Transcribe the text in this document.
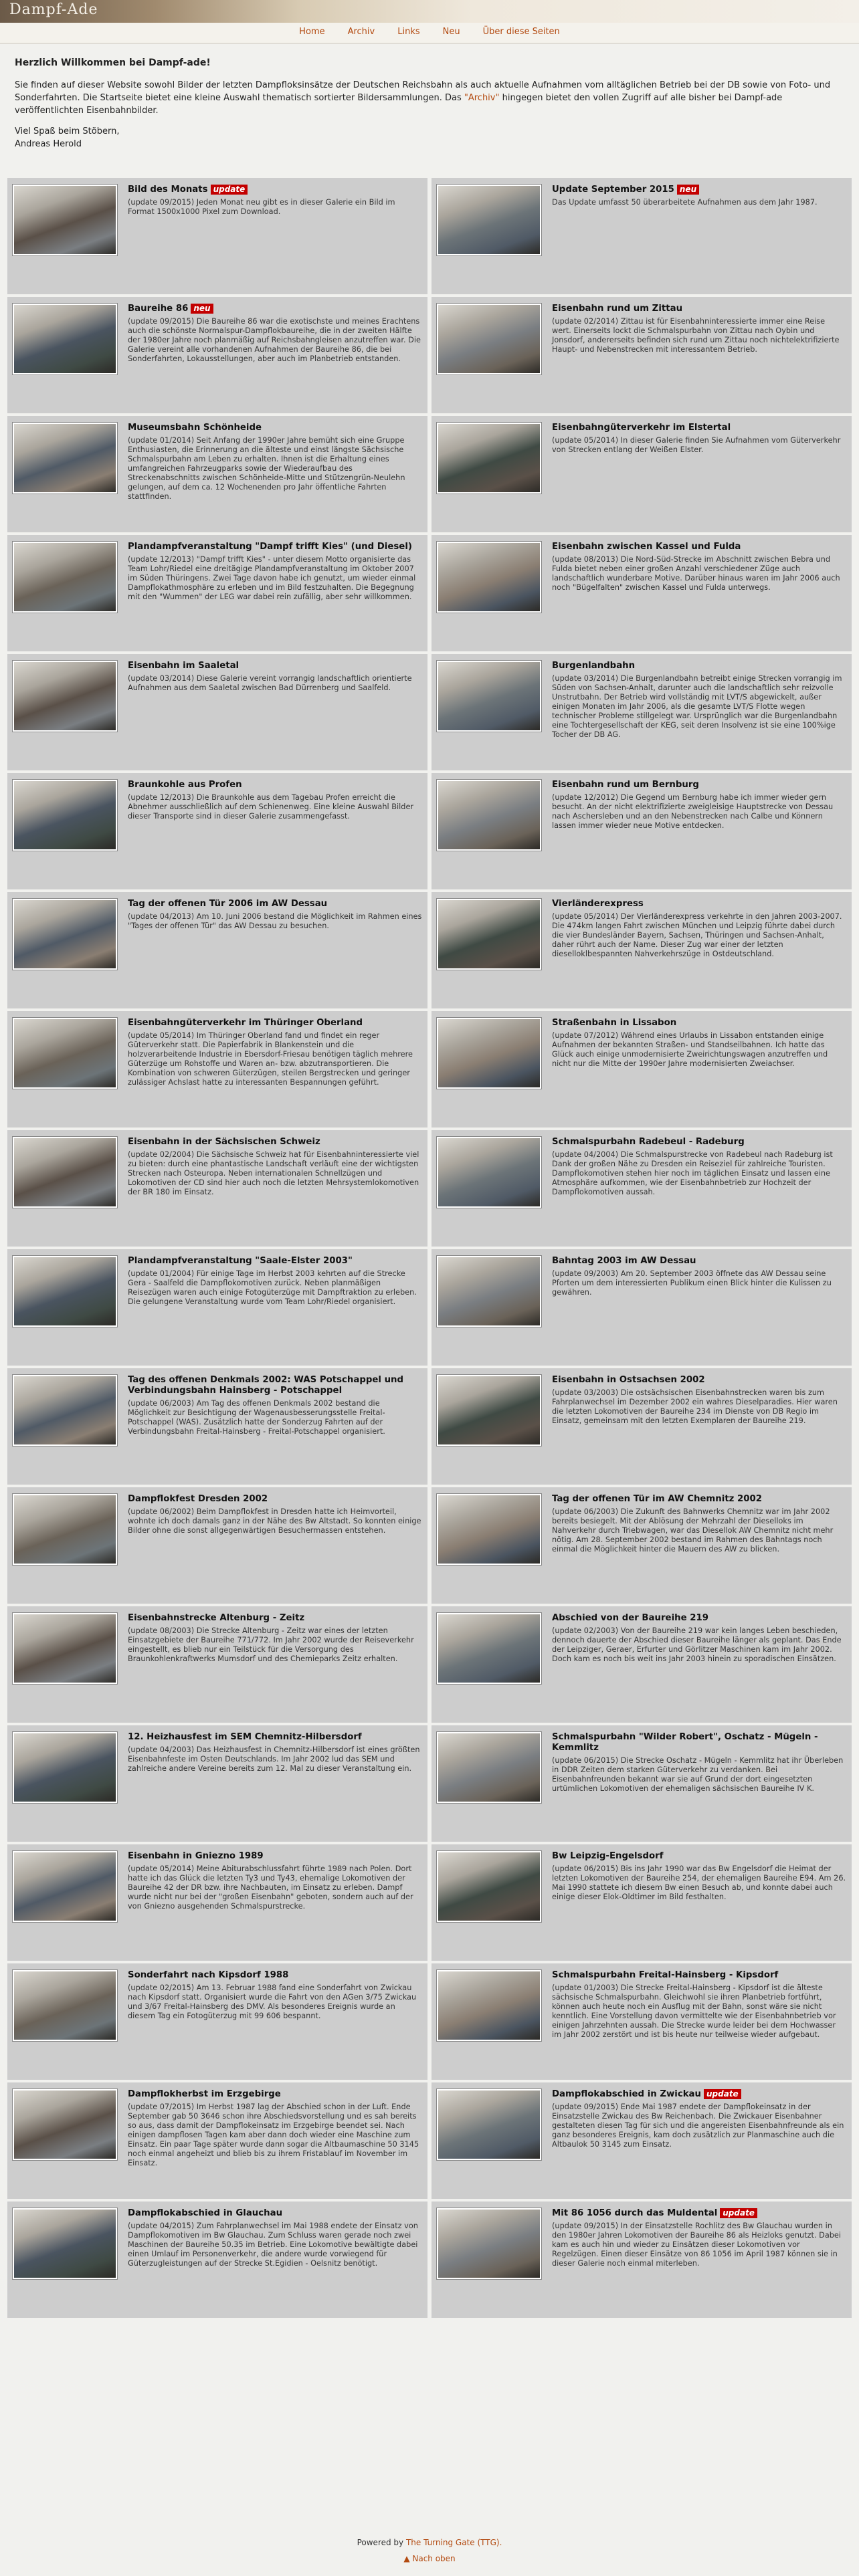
Dampf-Ade
Home	Archiv	Links	Neu	Über diese Seiten
Herzlich Willkommen bei Dampf-ade!

Sie finden auf dieser Website sowohl Bilder der letzten Dampfloksinsätze der Deutschen Reichsbahn als auch aktuelle Aufnahmen vom alltäglichen Betrieb bei der DB sowie von Foto- und Sonderfahrten. Die Startseite bietet eine kleine Auswahl thematisch sortierter Bildersammlungen. Das "Archiv" hingegen bietet den vollen Zugriff auf alle bisher bei Dampf-ade veröffentlichten Eisenbahnbilder.

Viel Spaß beim Stöbern,
Andreas Herold

Bild des Monats update
(update 09/2015) Jeden Monat neu gibt es in dieser Galerie ein Bild im Format 1500x1000 Pixel zum Download.
Update September 2015 neu
Das Update umfasst 50 überarbeitete Aufnahmen aus dem Jahr 1987.
Baureihe 86 neu
(update 09/2015) Die Baureihe 86 war die exotischste und meines Erachtens auch die schönste Normalspur-Dampflokbaureihe, die in der zweiten Hälfte der 1980er Jahre noch planmäßig auf Reichsbahngleisen anzutreffen war. Die Galerie vereint alle vorhandenen Aufnahmen der Baureihe 86, die bei Sonderfahrten, Lokausstellungen, aber auch im Planbetrieb entstanden.
Eisenbahn rund um Zittau
(update 02/2014) Zittau ist für Eisenbahninteressierte immer eine Reise wert. Einerseits lockt die Schmalspurbahn von Zittau nach Oybin und Jonsdorf, andererseits befinden sich rund um Zittau noch nichtelektrifizierte Haupt- und Nebenstrecken mit interessantem Betrieb.
Museumsbahn Schönheide
(update 01/2014) Seit Anfang der 1990er Jahre bemüht sich eine Gruppe Enthusiasten, die Erinnerung an die älteste und einst längste Sächsische Schmalspurbahn am Leben zu erhalten. Ihnen ist die Erhaltung eines umfangreichen Fahrzeugparks sowie der Wiederaufbau des Streckenabschnitts zwischen Schönheide-Mitte und Stützengrün-Neulehn gelungen, auf dem ca. 12 Wochenenden pro Jahr öffentliche Fahrten stattfinden.
Eisenbahngüterverkehr im Elstertal
(update 05/2014) In dieser Galerie finden Sie Aufnahmen vom Güterverkehr von Strecken entlang der Weißen Elster.
Plandampfveranstaltung "Dampf trifft Kies" (und Diesel)
(update 12/2013) "Dampf trifft Kies" - unter diesem Motto organisierte das Team Lohr/Riedel eine dreitägige Plandampfveranstaltung im Oktober 2007 im Süden Thüringens. Zwei Tage davon habe ich genutzt, um wieder einmal Dampflokathmosphäre zu erleben und im Bild festzuhalten. Die Begegnung mit den "Wummen" der LEG war dabei rein zufällig, aber sehr willkommen.
Eisenbahn zwischen Kassel und Fulda
(update 08/2013) Die Nord-Süd-Strecke im Abschnitt zwischen Bebra und Fulda bietet neben einer großen Anzahl verschiedener Züge auch landschaftlich wunderbare Motive. Darüber hinaus waren im Jahr 2006 auch noch "Bügelfalten" zwischen Kassel und Fulda unterwegs.
Eisenbahn im Saaletal
(update 03/2014) Diese Galerie vereint vorrangig landschaftlich orientierte Aufnahmen aus dem Saaletal zwischen Bad Dürrenberg und Saalfeld.
Burgenlandbahn
(update 03/2014) Die Burgenlandbahn betreibt einige Strecken vorrangig im Süden von Sachsen-Anhalt, darunter auch die landschaftlich sehr reizvolle Unstrutbahn. Der Betrieb wird vollständig mit LVT/S abgewickelt, außer einigen Monaten im Jahr 2006, als die gesamte LVT/S Flotte wegen technischer Probleme stillgelegt war. Ursprünglich war die Burgenlandbahn eine Tochtergesellschaft der KEG, seit deren Insolvenz ist sie eine 100%ige Tocher der DB AG.
Braunkohle aus Profen
(update 12/2013) Die Braunkohle aus dem Tagebau Profen erreicht die Abnehmer ausschließlich auf dem Schienenweg. Eine kleine Auswahl Bilder dieser Transporte sind in dieser Galerie zusammengefasst.
Eisenbahn rund um Bernburg
(update 12/2012) Die Gegend um Bernburg habe ich immer wieder gern besucht. An der nicht elektrifizierte zweigleisige Hauptstrecke von Dessau nach Aschersleben und an den Nebenstrecken nach Calbe und Könnern lassen immer wieder neue Motive entdecken.
Tag der offenen Tür 2006 im AW Dessau
(update 04/2013) Am 10. Juni 2006 bestand die Möglichkeit im Rahmen eines "Tages der offenen Tür" das AW Dessau zu besuchen.
Vierländerexpress
(update 05/2014) Der Vierländerexpress verkehrte in den Jahren 2003-2007. Die 474km langen Fahrt zwischen München und Leipzig führte dabei durch die vier Bundesländer Bayern, Sachsen, Thüringen und Sachsen-Anhalt, daher rührt auch der Name. Dieser Zug war einer der letzten dieselloklbespannten Nahverkehrszüge in Ostdeutschland.
Eisenbahngüterverkehr im Thüringer Oberland
(update 05/2014) Im Thüringer Oberland fand und findet ein reger Güterverkehr statt. Die Papierfabrik in Blankenstein und die holzverarbeitende Industrie in Ebersdorf-Friesau benötigen täglich mehrere Güterzüge um Rohstoffe und Waren an- bzw. abzutransportieren. Die Kombination von schweren Güterzügen, steilen Bergstrecken und geringer zulässiger Achslast hatte zu interessanten Bespannungen geführt.
Straßenbahn in Lissabon
(update 07/2012) Während eines Urlaubs in Lissabon entstanden einige Aufnahmen der bekannten Straßen- und Standseilbahnen. Ich hatte das Glück auch einige unmodernisierte Zweirichtungswagen anzutreffen und nicht nur die Mitte der 1990er Jahre modernisierten Zweiachser.
Eisenbahn in der Sächsischen Schweiz
(update 02/2004) Die Sächsische Schweiz hat für Eisenbahninteressierte viel zu bieten: durch eine phantastische Landschaft verläuft eine der wichtigsten Strecken nach Osteuropa. Neben internationalen Schnellzügen und Lokomotiven der CD sind hier auch noch die letzten Mehrsystemlokomotiven der BR 180 im Einsatz.
Schmalspurbahn Radebeul - Radeburg
(update 04/2004) Die Schmalspurstrecke von Radebeul nach Radeburg ist Dank der großen Nähe zu Dresden ein Reiseziel für zahlreiche Touristen. Dampflokomotiven stehen hier noch im täglichen Einsatz und lassen eine Atmosphäre aufkommen, wie der Eisenbahnbetrieb zur Hochzeit der Dampflokomotiven aussah.
Plandampfveranstaltung "Saale-Elster 2003"
(update 01/2004) Für einige Tage im Herbst 2003 kehrten auf die Strecke Gera - Saalfeld die Dampflokomotiven zurück. Neben planmäßigen Reisezügen waren auch einige Fotogüterzüge mit Dampftraktion zu erleben. Die gelungene Veranstaltung wurde vom Team Lohr/Riedel organisiert.
Bahntag 2003 im AW Dessau
(update 09/2003) Am 20. September 2003 öffnete das AW Dessau seine Pforten um dem interessierten Publikum einen Blick hinter die Kulissen zu gewähren.
Tag des offenen Denkmals 2002: WAS Potschappel und Verbindungsbahn Hainsberg - Potschappel
(update 06/2003) Am Tag des offenen Denkmals 2002 bestand die Möglichkeit zur Besichtigung der Wagenausbesserungsstelle Freital-Potschappel (WAS). Zusätzlich hatte der Sonderzug Fahrten auf der Verbindungsbahn Freital-Hainsberg - Freital-Potschappel organisiert.
Eisenbahn in Ostsachsen 2002
(update 03/2003) Die ostsächsischen Eisenbahnstrecken waren bis zum Fahrplanwechsel im Dezember 2002 ein wahres Dieselparadies. Hier waren die letzten Lokomotiven der Baureihe 234 im Dienste von DB Regio im Einsatz, gemeinsam mit den letzten Exemplaren der Baureihe 219.
Dampflokfest Dresden 2002
(update 06/2002) Beim Dampflokfest in Dresden hatte ich Heimvorteil, wohnte ich doch damals ganz in der Nähe des Bw Altstadt. So konnten einige Bilder ohne die sonst allgegenwärtigen Besuchermassen entstehen.
Tag der offenen Tür im AW Chemnitz 2002
(update 06/2003) Die Zukunft des Bahnwerks Chemnitz war im Jahr 2002 bereits besiegelt. Mit der Ablösung der Mehrzahl der Dieselloks im Nahverkehr durch Triebwagen, war das Diesellok AW Chemnitz nicht mehr nötig. Am 28. September 2002 bestand im Rahmen des Bahntags noch einmal die Möglichkeit hinter die Mauern des AW zu blicken.
Eisenbahnstrecke Altenburg - Zeitz
(update 08/2003) Die Strecke Altenburg - Zeitz war eines der letzten Einsatzgebiete der Baureihe 771/772. Im Jahr 2002 wurde der Reiseverkehr eingestellt, es blieb nur ein Teilstück für die Versorgung des Braunkohlenkraftwerks Mumsdorf und des Chemieparks Zeitz erhalten.
Abschied von der Baureihe 219
(update 02/2003) Von der Baureihe 219 war kein langes Leben beschieden, dennoch dauerte der Abschied dieser Baureihe länger als geplant. Das Ende der Leipziger, Geraer, Erfurter und Görlitzer Maschinen kam im Jahr 2002. Doch kam es noch bis weit ins Jahr 2003 hinein zu sporadischen Einsätzen.
12. Heizhausfest im SEM Chemnitz-Hilbersdorf
(update 04/2003) Das Heizhausfest in Chemnitz-Hilbersdorf ist eines größten Eisenbahnfeste im Osten Deutschlands. Im Jahr 2002 lud das SEM und zahlreiche andere Vereine bereits zum 12. Mal zu dieser Veranstaltung ein.
Schmalspurbahn "Wilder Robert", Oschatz - Mügeln - Kemmlitz
(update 06/2015) Die Strecke Oschatz - Mügeln - Kemmlitz hat ihr Überleben in DDR Zeiten dem starken Güterverkehr zu verdanken. Bei Eisenbahnfreunden bekannt war sie auf Grund der dort eingesetzten urtümlichen Lokomotiven der ehemaligen sächsischen Baureihe IV K.
Eisenbahn in Gniezno 1989
(update 05/2014) Meine Abiturabschlussfahrt führte 1989 nach Polen. Dort hatte ich das Glück die letzten Ty3 und Ty43, ehemalige Lokomotiven der Baureihe 42 der DR bzw. ihre Nachbauten, im Einsatz zu erleben. Dampf wurde nicht nur bei der "großen Eisenbahn" geboten, sondern auch auf der von Gniezno ausgehenden Schmalspurstrecke.
Bw Leipzig-Engelsdorf
(update 06/2015) Bis ins Jahr 1990 war das Bw Engelsdorf die Heimat der letzten Lokomotiven der Baureihe 254, der ehemaligen Baureihe E94. Am 26. Mai 1990 stattete ich diesem Bw einen Besuch ab, und konnte dabei auch einige dieser Elok-Oldtimer im Bild festhalten.
Sonderfahrt nach Kipsdorf 1988
(update 02/2015) Am 13. Februar 1988 fand eine Sonderfahrt von Zwickau nach Kipsdorf statt. Organisiert wurde die Fahrt von den AGen 3/75 Zwickau und 3/67 Freital-Hainsberg des DMV. Als besonderes Ereignis wurde an diesem Tag ein Fotogüterzug mit 99 606 bespannt.
Schmalspurbahn Freital-Hainsberg - Kipsdorf
(update 01/2003) Die Strecke Freital-Hainsberg - Kipsdorf ist die älteste sächsische Schmalspurbahn. Gleichwohl sie ihren Planbetrieb fortführt, können auch heute noch ein Ausflug mit der Bahn, sonst wäre sie nicht kenntlich. Eine Vorstellung davon vermittelte wie der Eisenbahnbetrieb vor einigen Jahrzehnten aussah. Die Strecke wurde leider bei dem Hochwasser im Jahr 2002 zerstört und ist bis heute nur teilweise wieder aufgebaut.
Dampflokherbst im Erzgebirge
(update 07/2015) Im Herbst 1987 lag der Abschied schon in der Luft. Ende September gab 50 3646 schon ihre Abschiedsvorstellung und es sah bereits so aus, dass damit der Dampflokeinsatz im Erzgebirge beendet sei. Nach einigen dampflosen Tagen kam aber dann doch wieder eine Maschine zum Einsatz. Ein paar Tage später wurde dann sogar die Altbaumaschine 50 3145 noch einmal angeheizt und blieb bis zu ihrem Fristablauf im November im Einsatz.
Dampflokabschied in Zwickau update
(update 09/2015) Ende Mai 1987 endete der Dampflokeinsatz in der Einsatzstelle Zwickau des Bw Reichenbach. Die Zwickauer Eisenbahner gestalteten diesen Tag für sich und die angereisten Eisenbahnfreunde als ein ganz besonderes Ereignis, kam doch zusätzlich zur Planmaschine auch die Altbaulok 50 3145 zum Einsatz.
Dampflokabschied in Glauchau
(update 04/2015) Zum Fahrplanwechsel im Mai 1988 endete der Einsatz von Dampflokomotiven im Bw Glauchau. Zum Schluss waren gerade noch zwei Maschinen der Baureihe 50.35 im Betrieb. Eine Lokomotive bewältigte dabei einen Umlauf im Personenverkehr, die andere wurde vorwiegend für Güterzugleistungen auf der Strecke St.Egidien - Oelsnitz benötigt.
Mit 86 1056 durch das Muldental update
(update 09/2015) In der Einsatzstelle Rochlitz des Bw Glauchau wurden in den 1980er Jahren Lokomotiven der Baureihe 86 als Heizloks genutzt. Dabei kam es auch hin und wieder zu Einsätzen dieser Lokomotiven vor Regelzügen. Einen dieser Einsätze von 86 1056 im April 1987 können sie in dieser Galerie noch einmal miterleben.
Powered by The Turning Gate (TTG).
▲ Nach oben
